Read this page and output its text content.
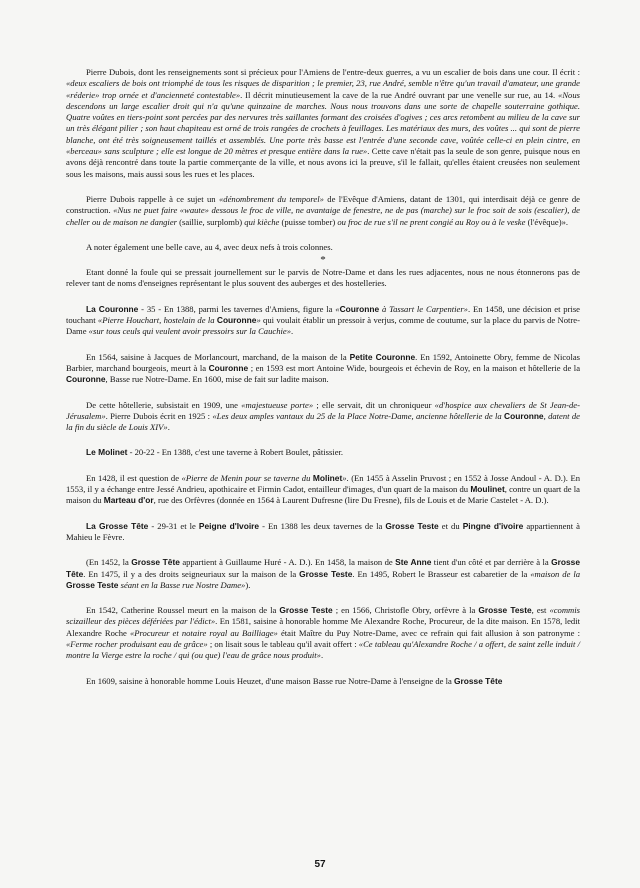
Pierre Dubois, dont les renseignements sont si précieux pour l'Amiens de l'entre-deux guerres, a vu un escalier de bois dans une cour. Il écrit : «deux escaliers de bois ont triomphé de tous les risques de disparition ; le premier, 23, rue André, semble n'être qu'un travail d'amateur, une grande «réderie» trop ornée et d'ancienneté contestable». Il décrit minutieusement la cave de la rue André ouvrant par une venelle sur rue, au 14. «Nous descendons un large escalier droit qui n'a qu'une quinzaine de marches. Nous nous trouvons dans une sorte de chapelle souterraine gothique. Quatre voûtes en tiers-point sont percées par des nervures très saillantes formant des croisées d'ogives ; ces arcs retombent au milieu de la cave sur un très élégant pilier ; son haut chapiteau est orné de trois rangées de crochets à feuillages. Les matériaux des murs, des voûtes ... qui sont de pierre blanche, ont été très soigneusement taillés et assemblés. Une porte très basse est l'entrée d'une seconde cave, voûtée celle-ci en plein cintre, en «berceau» sans sculpture ; elle est longue de 20 mètres et presque entière dans la rue». Cette cave n'était pas la seule de son genre, puisque nous en avons déjà rencontré dans toute la partie commerçante de la ville, et nous avons ici la preuve, s'il le fallait, qu'elles étaient creusées non seulement sous les maisons, mais aussi sous les rues et les places.

Pierre Dubois rappelle à ce sujet un «dénombrement du temporel» de l'Evêque d'Amiens, datant de 1301, qui interdisait déjà ce genre de construction. «Nus ne puet faire «waute» dessous le froc de ville, ne avantaige de fenestre, ne de pas (marche) sur le froc soit de sois (escalier), de cheller ou de maison ne dangier (saillie, surplomb) qui kièche (puisse tomber) ou froc de rue s'il ne prent congié au Roy ou à le veske (l'évêque)».

A noter également une belle cave, au 4, avec deux nefs à trois colonnes.

*

Etant donné la foule qui se pressait journellement sur le parvis de Notre-Dame et dans les rues adjacentes, nous ne nous étonnerons pas de relever tant de noms d'enseignes représentant le plus souvent des auberges et des hostelleries.

La Couronne - 35 - En 1388, parmi les tavernes d'Amiens, figure la «Couronne à Tassart le Carpentier». En 1458, une décision et prise touchant «Pierre Houchart, hostelain de la Couronne» qui voulait établir un pressoir à verjus, comme de coutume, sur la place du parvis de Notre-Dame «sur tous ceuls qui veulent avoir pressoirs sur la Cauchie».

En 1564, saisine à Jacques de Morlancourt, marchand, de la maison de la Petite Couronne. En 1592, Antoinette Obry, femme de Nicolas Barbier, marchand bourgeois, meurt à la Couronne ; en 1593 est mort Antoine Wide, bourgeois et échevin de Roy, en la maison et hôtellerie de la Couronne, Basse rue Notre-Dame. En 1600, mise de fait sur ladite maison.

De cette hôtellerie, subsistait en 1909, une «majestueuse porte» ; elle servait, dit un chroniqueur «d'hospice aux chevaliers de St Jean-de-Jérusalem». Pierre Dubois écrit en 1925 : «Les deux amples vantaux du 25 de la Place Notre-Dame, ancienne hôtellerie de la Couronne, datent de la fin du siècle de Louis XIV».

Le Molinet - 20-22 - En 1388, c'est une taverne à Robert Boulet, pâtissier.

En 1428, il est question de «Pierre de Menin pour se taverne du Molinet». (En 1455 à Asselin Pruvost ; en 1552 à Josse Andoul - A. D.). En 1553, il y a échange entre Jessé Andrieu, apothicaire et Firmin Cadot, entailleur d'images, d'un quart de la maison du Moulinet, contre un quart de la maison du Marteau d'or, rue des Orfèvres (donnée en 1564 à Laurent Dufresne (lire Du Fresne), fils de Louis et de Marie Castelet - A. D.).

La Grosse Tête - 29-31 et le Peigne d'Ivoire - En 1388 les deux tavernes de la Grosse Teste et du Pingne d'ivoire appartiennent à Mahieu le Fèvre.

(En 1452, la Grosse Tête appartient à Guillaume Huré - A. D.). En 1458, la maison de Ste Anne tient d'un côté et par derrière à la Grosse Tête. En 1475, il y a des droits seigneuriaux sur la maison de la Grosse Teste. En 1495, Robert le Brasseur est cabaretier de la «maison de la Grosse Teste séant en la Basse rue Nostre Dame»).

En 1542, Catherine Roussel meurt en la maison de la Grosse Teste ; en 1566, Christofle Obry, orfèvre à la Grosse Teste, est «commis scizailleur des pièces défériées par l'édict». En 1581, saisine à honorable homme Me Alexandre Roche, Procureur, de la dite maison. En 1578, ledit Alexandre Roche «Procureur et notaire royal au Bailliage» était Maître du Puy Notre-Dame, avec ce refrain qui fait allusion à son patronyme : «Ferme rocher produisant eau de grâce» ; on lisait sous le tableau qu'il avait offert : «Ce tableau qu'Alexandre Roche / a offert, de saint zelle induit / montre la Vierge estre la roche / qui (ou que) l'eau de grâce nous produit».

En 1609, saisine à honorable homme Louis Heuzet, d'une maison Basse rue Notre-Dame à l'enseigne de la Grosse Tête

57
